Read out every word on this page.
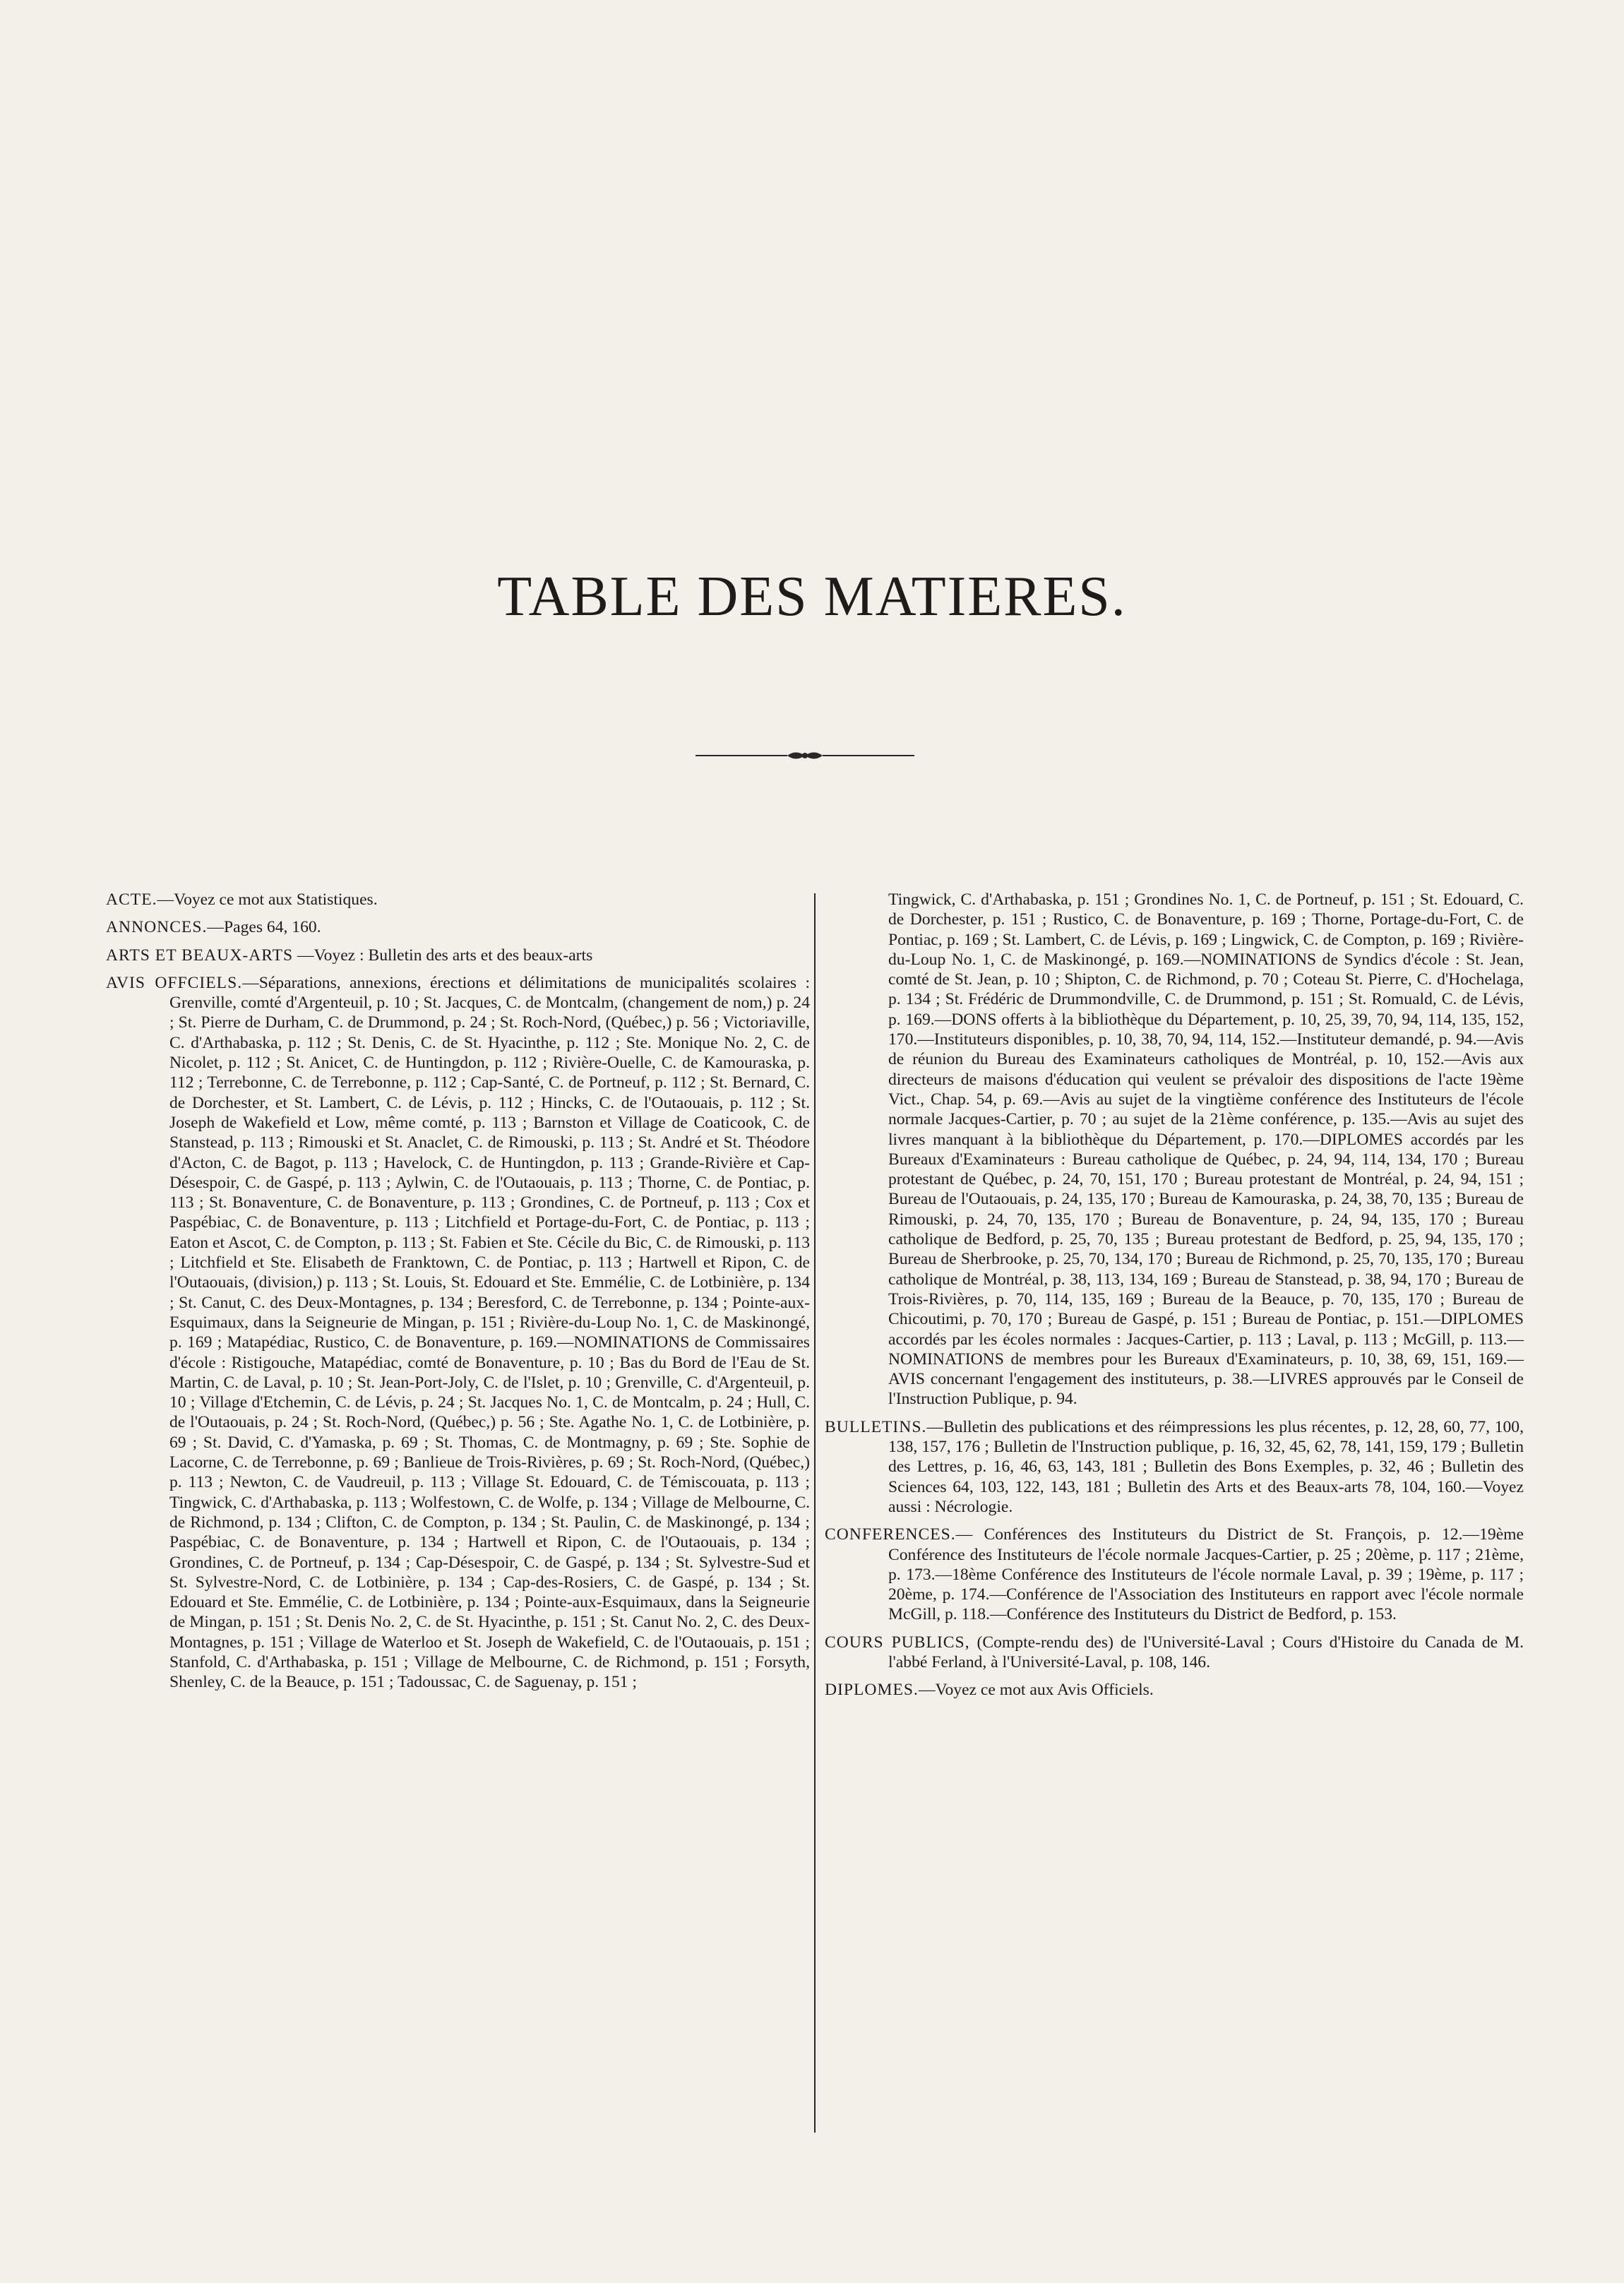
TABLE DES MATIERES.

ACTE.—Voyez ce mot aux Statistiques.

ANNONCES.—Pages 64, 160.

ARTS ET BEAUX-ARTS —Voyez : Bulletin des arts et des beaux-arts

AVIS OFFCIELS.—Séparations, annexions, érections et délimitations de municipalités scolaires : Grenville, comté d'Argenteuil, p. 10 ; St. Jacques, C. de Montcalm, (changement de nom,) p. 24 ; St. Pierre de Durham, C. de Drummond, p. 24 ; St. Roch-Nord, (Québec,) p. 56 ; Victoriaville, C. d'Arthabaska, p. 112 ; St. Denis, C. de St. Hyacinthe, p. 112 ; Ste. Monique No. 2, C. de Nicolet, p. 112 ; St. Anicet, C. de Huntingdon, p. 112 ; Rivière-Ouelle, C. de Kamouraska, p. 112 ; Terrebonne, C. de Terrebonne, p. 112 ; Cap-Santé, C. de Portneuf, p. 112 ; St. Bernard, C. de Dorchester, et St. Lambert, C. de Lévis, p. 112 ; Hincks, C. de l'Outaouais, p. 112 ; St. Joseph de Wakefield et Low, même comté, p. 113 ; Barnston et Village de Coaticook, C. de Stanstead, p. 113 ; Rimouski et St. Anaclet, C. de Rimouski, p. 113 ; St. André et St. Théodore d'Acton, C. de Bagot, p. 113 ; Havelock, C. de Huntingdon, p. 113 ; Grande-Rivière et Cap-Désespoir, C. de Gaspé, p. 113 ; Aylwin, C. de l'Outaouais, p. 113 ; Thorne, C. de Pontiac, p. 113 ; St. Bonaventure, C. de Bonaventure, p. 113 ; Grondines, C. de Portneuf, p. 113 ; Cox et Paspébiac, C. de Bonaventure, p. 113 ; Litchfield et Portage-du-Fort, C. de Pontiac, p. 113 ; Eaton et Ascot, C. de Compton, p. 113 ; St. Fabien et Ste. Cécile du Bic, C. de Rimouski, p. 113 ; Litchfield et Ste. Elisabeth de Franktown, C. de Pontiac, p. 113 ; Hartwell et Ripon, C. de l'Outaouais, (division,) p. 113 ; St. Louis, St. Edouard et Ste. Emmélie, C. de Lotbinière, p. 134 ; St. Canut, C. des Deux-Montagnes, p. 134 ; Beresford, C. de Terrebonne, p. 134 ; Pointe-aux-Esquimaux, dans la Seigneurie de Mingan, p. 151 ; Rivière-du-Loup No. 1, C. de Maskinongé, p. 169 ; Matapédiac, Rustico, C. de Bonaventure, p. 169.—NOMINATIONS de Commissaires d'école : Ristigouche, Matapédiac, comté de Bonaventure, p. 10 ; Bas du Bord de l'Eau de St. Martin, C. de Laval, p. 10 ; St. Jean-Port-Joly, C. de l'Islet, p. 10 ; Grenville, C. d'Argenteuil, p. 10 ; Village d'Etchemin, C. de Lévis, p. 24 ; St. Jacques No. 1, C. de Montcalm, p. 24 ; Hull, C. de l'Outaouais, p. 24 ; St. Roch-Nord, (Québec,) p. 56 ; Ste. Agathe No. 1, C. de Lotbinière, p. 69 ; St. David, C. d'Yamaska, p. 69 ; St. Thomas, C. de Montmagny, p. 69 ; Ste. Sophie de Lacorne, C. de Terrebonne, p. 69 ; Banlieue de Trois-Rivières, p. 69 ; St. Roch-Nord, (Québec,) p. 113 ; Newton, C. de Vaudreuil, p. 113 ; Village St. Edouard, C. de Témiscouata, p. 113 ; Tingwick, C. d'Arthabaska, p. 113 ; Wolfestown, C. de Wolfe, p. 134 ; Village de Melbourne, C. de Richmond, p. 134 ; Clifton, C. de Compton, p. 134 ; St. Paulin, C. de Maskinongé, p. 134 ; Paspébiac, C. de Bonaventure, p. 134 ; Hartwell et Ripon, C. de l'Outaouais, p. 134 ; Grondines, C. de Portneuf, p. 134 ; Cap-Désespoir, C. de Gaspé, p. 134 ; St. Sylvestre-Sud et St. Sylvestre-Nord, C. de Lotbinière, p. 134 ; Cap-des-Rosiers, C. de Gaspé, p. 134 ; St. Edouard et Ste. Emmélie, C. de Lotbinière, p. 134 ; Pointe-aux-Esquimaux, dans la Seigneurie de Mingan, p. 151 ; St. Denis No. 2, C. de St. Hyacinthe, p. 151 ; St. Canut No. 2, C. des Deux-Montagnes, p. 151 ; Village de Waterloo et St. Joseph de Wakefield, C. de l'Outaouais, p. 151 ; Stanfold, C. d'Arthabaska, p. 151 ; Village de Melbourne, C. de Richmond, p. 151 ; Forsyth, Shenley, C. de la Beauce, p. 151 ; Tadoussac, C. de Saguenay, p. 151 ;

Tingwick, C. d'Arthabaska, p. 151 ; Grondines No. 1, C. de Portneuf, p. 151 ; St. Edouard, C. de Dorchester, p. 151 ; Rustico, C. de Bonaventure, p. 169 ; Thorne, Portage-du-Fort, C. de Pontiac, p. 169 ; St. Lambert, C. de Lévis, p. 169 ; Lingwick, C. de Compton, p. 169 ; Rivière-du-Loup No. 1, C. de Maskinongé, p. 169.—NOMINATIONS de Syndics d'école : St. Jean, comté de St. Jean, p. 10 ; Shipton, C. de Richmond, p. 70 ; Coteau St. Pierre, C. d'Hochelaga, p. 134 ; St. Frédéric de Drummondville, C. de Drummond, p. 151 ; St. Romuald, C. de Lévis, p. 169.—DONS offerts à la bibliothèque du Département, p. 10, 25, 39, 70, 94, 114, 135, 152, 170.—Instituteurs disponibles, p. 10, 38, 70, 94, 114, 152.—Instituteur demandé, p. 94.—Avis de réunion du Bureau des Examinateurs catholiques de Montréal, p. 10, 152.—Avis aux directeurs de maisons d'éducation qui veulent se prévaloir des dispositions de l'acte 19ème Vict., Chap. 54, p. 69.—Avis au sujet de la vingtième conférence des Instituteurs de l'école normale Jacques-Cartier, p. 70 ; au sujet de la 21ème conférence, p. 135.—Avis au sujet des livres manquant à la bibliothèque du Département, p. 170.—DIPLOMES accordés par les Bureaux d'Examinateurs : Bureau catholique de Québec, p. 24, 94, 114, 134, 170 ; Bureau protestant de Québec, p. 24, 70, 151, 170 ; Bureau protestant de Montréal, p. 24, 94, 151 ; Bureau de l'Outaouais, p. 24, 135, 170 ; Bureau de Kamouraska, p. 24, 38, 70, 135 ; Bureau de Rimouski, p. 24, 70, 135, 170 ; Bureau de Bonaventure, p. 24, 94, 135, 170 ; Bureau catholique de Bedford, p. 25, 70, 135 ; Bureau protestant de Bedford, p. 25, 94, 135, 170 ; Bureau de Sherbrooke, p. 25, 70, 134, 170 ; Bureau de Richmond, p. 25, 70, 135, 170 ; Bureau catholique de Montréal, p. 38, 113, 134, 169 ; Bureau de Stanstead, p. 38, 94, 170 ; Bureau de Trois-Rivières, p. 70, 114, 135, 169 ; Bureau de la Beauce, p. 70, 135, 170 ; Bureau de Chicoutimi, p. 70, 170 ; Bureau de Gaspé, p. 151 ; Bureau de Pontiac, p. 151.—DIPLOMES accordés par les écoles normales : Jacques-Cartier, p. 113 ; Laval, p. 113 ; McGill, p. 113.—NOMINATIONS de membres pour les Bureaux d'Examinateurs, p. 10, 38, 69, 151, 169.—AVIS concernant l'engagement des instituteurs, p. 38.—LIVRES approuvés par le Conseil de l'Instruction Publique, p. 94.

BULLETINS.—Bulletin des publications et des réimpressions les plus récentes, p. 12, 28, 60, 77, 100, 138, 157, 176 ; Bulletin de l'Instruction publique, p. 16, 32, 45, 62, 78, 141, 159, 179 ; Bulletin des Lettres, p. 16, 46, 63, 143, 181 ; Bulletin des Bons Exemples, p. 32, 46 ; Bulletin des Sciences 64, 103, 122, 143, 181 ; Bulletin des Arts et des Beaux-arts 78, 104, 160.—Voyez aussi : Nécrologie.

CONFERENCES.— Conférences des Instituteurs du District de St. François, p. 12.—19ème Conférence des Instituteurs de l'école normale Jacques-Cartier, p. 25 ; 20ème, p. 117 ; 21ème, p. 173.—18ème Conférence des Instituteurs de l'école normale Laval, p. 39 ; 19ème, p. 117 ; 20ème, p. 174.—Conférence de l'Association des Instituteurs en rapport avec l'école normale McGill, p. 118.—Conférence des Instituteurs du District de Bedford, p. 153.

COURS PUBLICS, (Compte-rendu des) de l'Université-Laval ; Cours d'Histoire du Canada de M. l'abbé Ferland, à l'Université-Laval, p. 108, 146.

DIPLOMES.—Voyez ce mot aux Avis Officiels.
